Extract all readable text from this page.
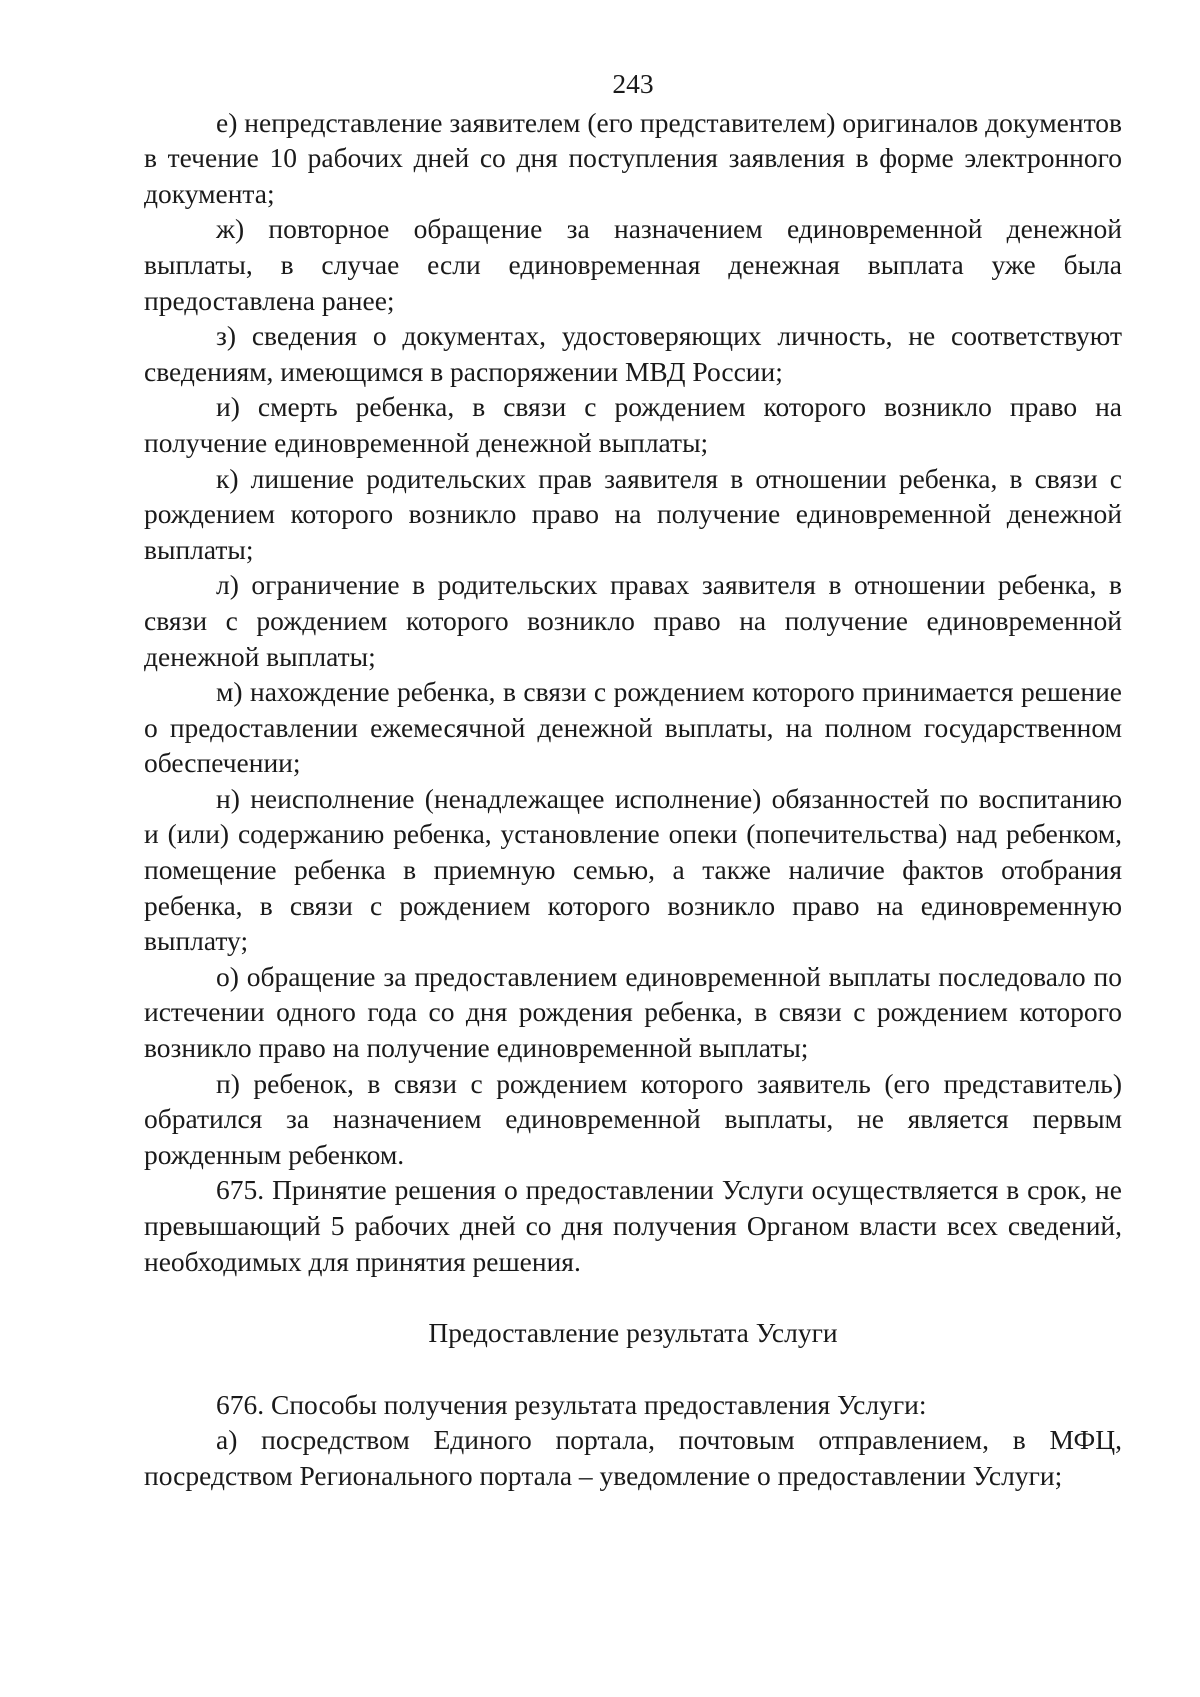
243

е) непредставление заявителем (его представителем) оригиналов документов в течение 10 рабочих дней со дня поступления заявления в форме электронного документа;

ж) повторное обращение за назначением единовременной денежной выплаты, в случае если единовременная денежная выплата уже была предоставлена ранее;

з) сведения о документах, удостоверяющих личность, не соответствуют сведениям, имеющимся в распоряжении МВД России;

и) смерть ребенка, в связи с рождением которого возникло право на получение единовременной денежной выплаты;

к) лишение родительских прав заявителя в отношении ребенка, в связи с рождением которого возникло право на получение единовременной денежной выплаты;

л) ограничение в родительских правах заявителя в отношении ребенка, в связи с рождением которого возникло право на получение единовременной денежной выплаты;

м) нахождение ребенка, в связи с рождением которого принимается решение о предоставлении ежемесячной денежной выплаты, на полном государственном обеспечении;

н) неисполнение (ненадлежащее исполнение) обязанностей по воспитанию и (или) содержанию ребенка, установление опеки (попечительства) над ребенком, помещение ребенка в приемную семью, а также наличие фактов отобрания ребенка, в связи с рождением которого возникло право на единовременную выплату;

о) обращение за предоставлением единовременной выплаты последовало по истечении одного года со дня рождения ребенка, в связи с рождением которого возникло право на получение единовременной выплаты;

п) ребенок, в связи с рождением которого заявитель (его представитель) обратился за назначением единовременной выплаты, не является первым рожденным ребенком.

675. Принятие решения о предоставлении Услуги осуществляется в срок, не превышающий 5 рабочих дней со дня получения Органом власти всех сведений, необходимых для принятия решения.

Предоставление результата Услуги

676. Способы получения результата предоставления Услуги:

а) посредством Единого портала, почтовым отправлением, в МФЦ, посредством Регионального портала – уведомление о предоставлении Услуги;
